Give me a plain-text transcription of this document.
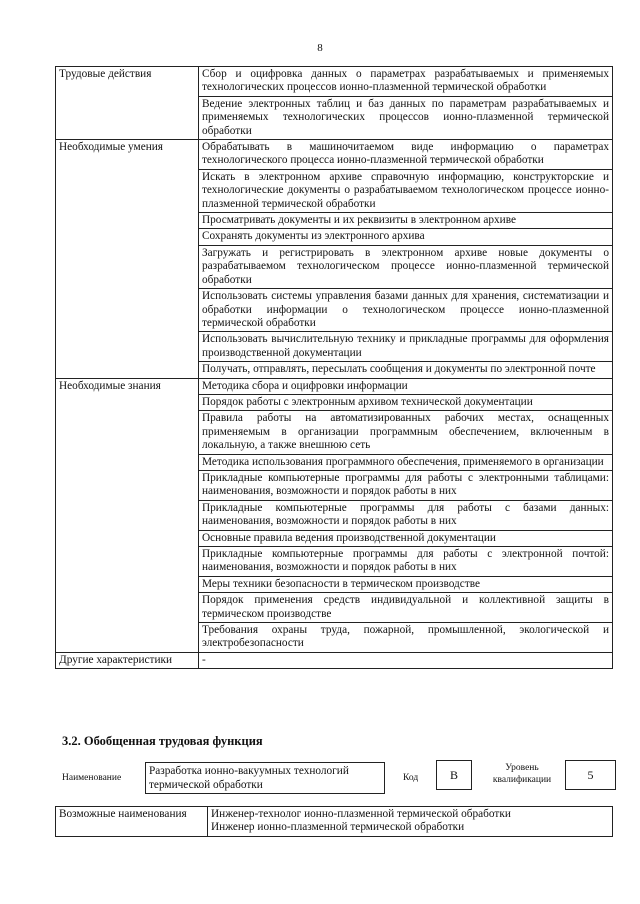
8
Трудовые действия	Сбор и оцифровка данных о параметрах разрабатываемых и применяемых технологических процессов ионно-плазменной термической обработки
	Ведение электронных таблиц и баз данных по параметрам разрабатываемых и применяемых технологических процессов ионно-плазменной термической обработки
Необходимые умения	Обрабатывать в машиночитаемом виде информацию о параметрах технологического процесса ионно-плазменной термической обработки
	Искать в электронном архиве справочную информацию, конструкторские и технологические документы о разрабатываемом технологическом процессе ионно-плазменной термической обработки
	Просматривать документы и их реквизиты в электронном архиве
	Сохранять документы из электронного архива
	Загружать и регистрировать в электронном архиве новые документы о разрабатываемом технологическом процессе ионно-плазменной термической обработки
	Использовать системы управления базами данных для хранения, систематизации и обработки информации о технологическом процессе ионно-плазменной термической обработки
	Использовать вычислительную технику и прикладные программы для оформления производственной документации
	Получать, отправлять, пересылать сообщения и документы по электронной почте
Необходимые знания	Методика сбора и оцифровки информации
	Порядок работы с электронным архивом технической документации
	Правила работы на автоматизированных рабочих местах, оснащенных применяемым в организации программным обеспечением, включенным в локальную, а также внешнюю сеть
	Методика использования программного обеспечения, применяемого в организации
	Прикладные компьютерные программы для работы с электронными таблицами: наименования, возможности и порядок работы в них
	Прикладные компьютерные программы для работы с базами данных: наименования, возможности и порядок работы в них
	Основные правила ведения производственной документации
	Прикладные компьютерные программы для работы с электронной почтой: наименования, возможности и порядок работы в них
	Меры техники безопасности в термическом производстве
	Порядок применения средств индивидуальной и коллективной защиты в термическом производстве
	Требования охраны труда, пожарной, промышленной, экологической и электробезопасности
Другие характеристики	-
3.2. Обобщенная трудовая функция
Наименование
Разработка ионно-вакуумных технологий термической обработки
Код	В	Уровень квалификации	5
Возможные наименования	Инженер-технолог ионно-плазменной термической обработки
Инженер ионно-плазменной термической обработки
